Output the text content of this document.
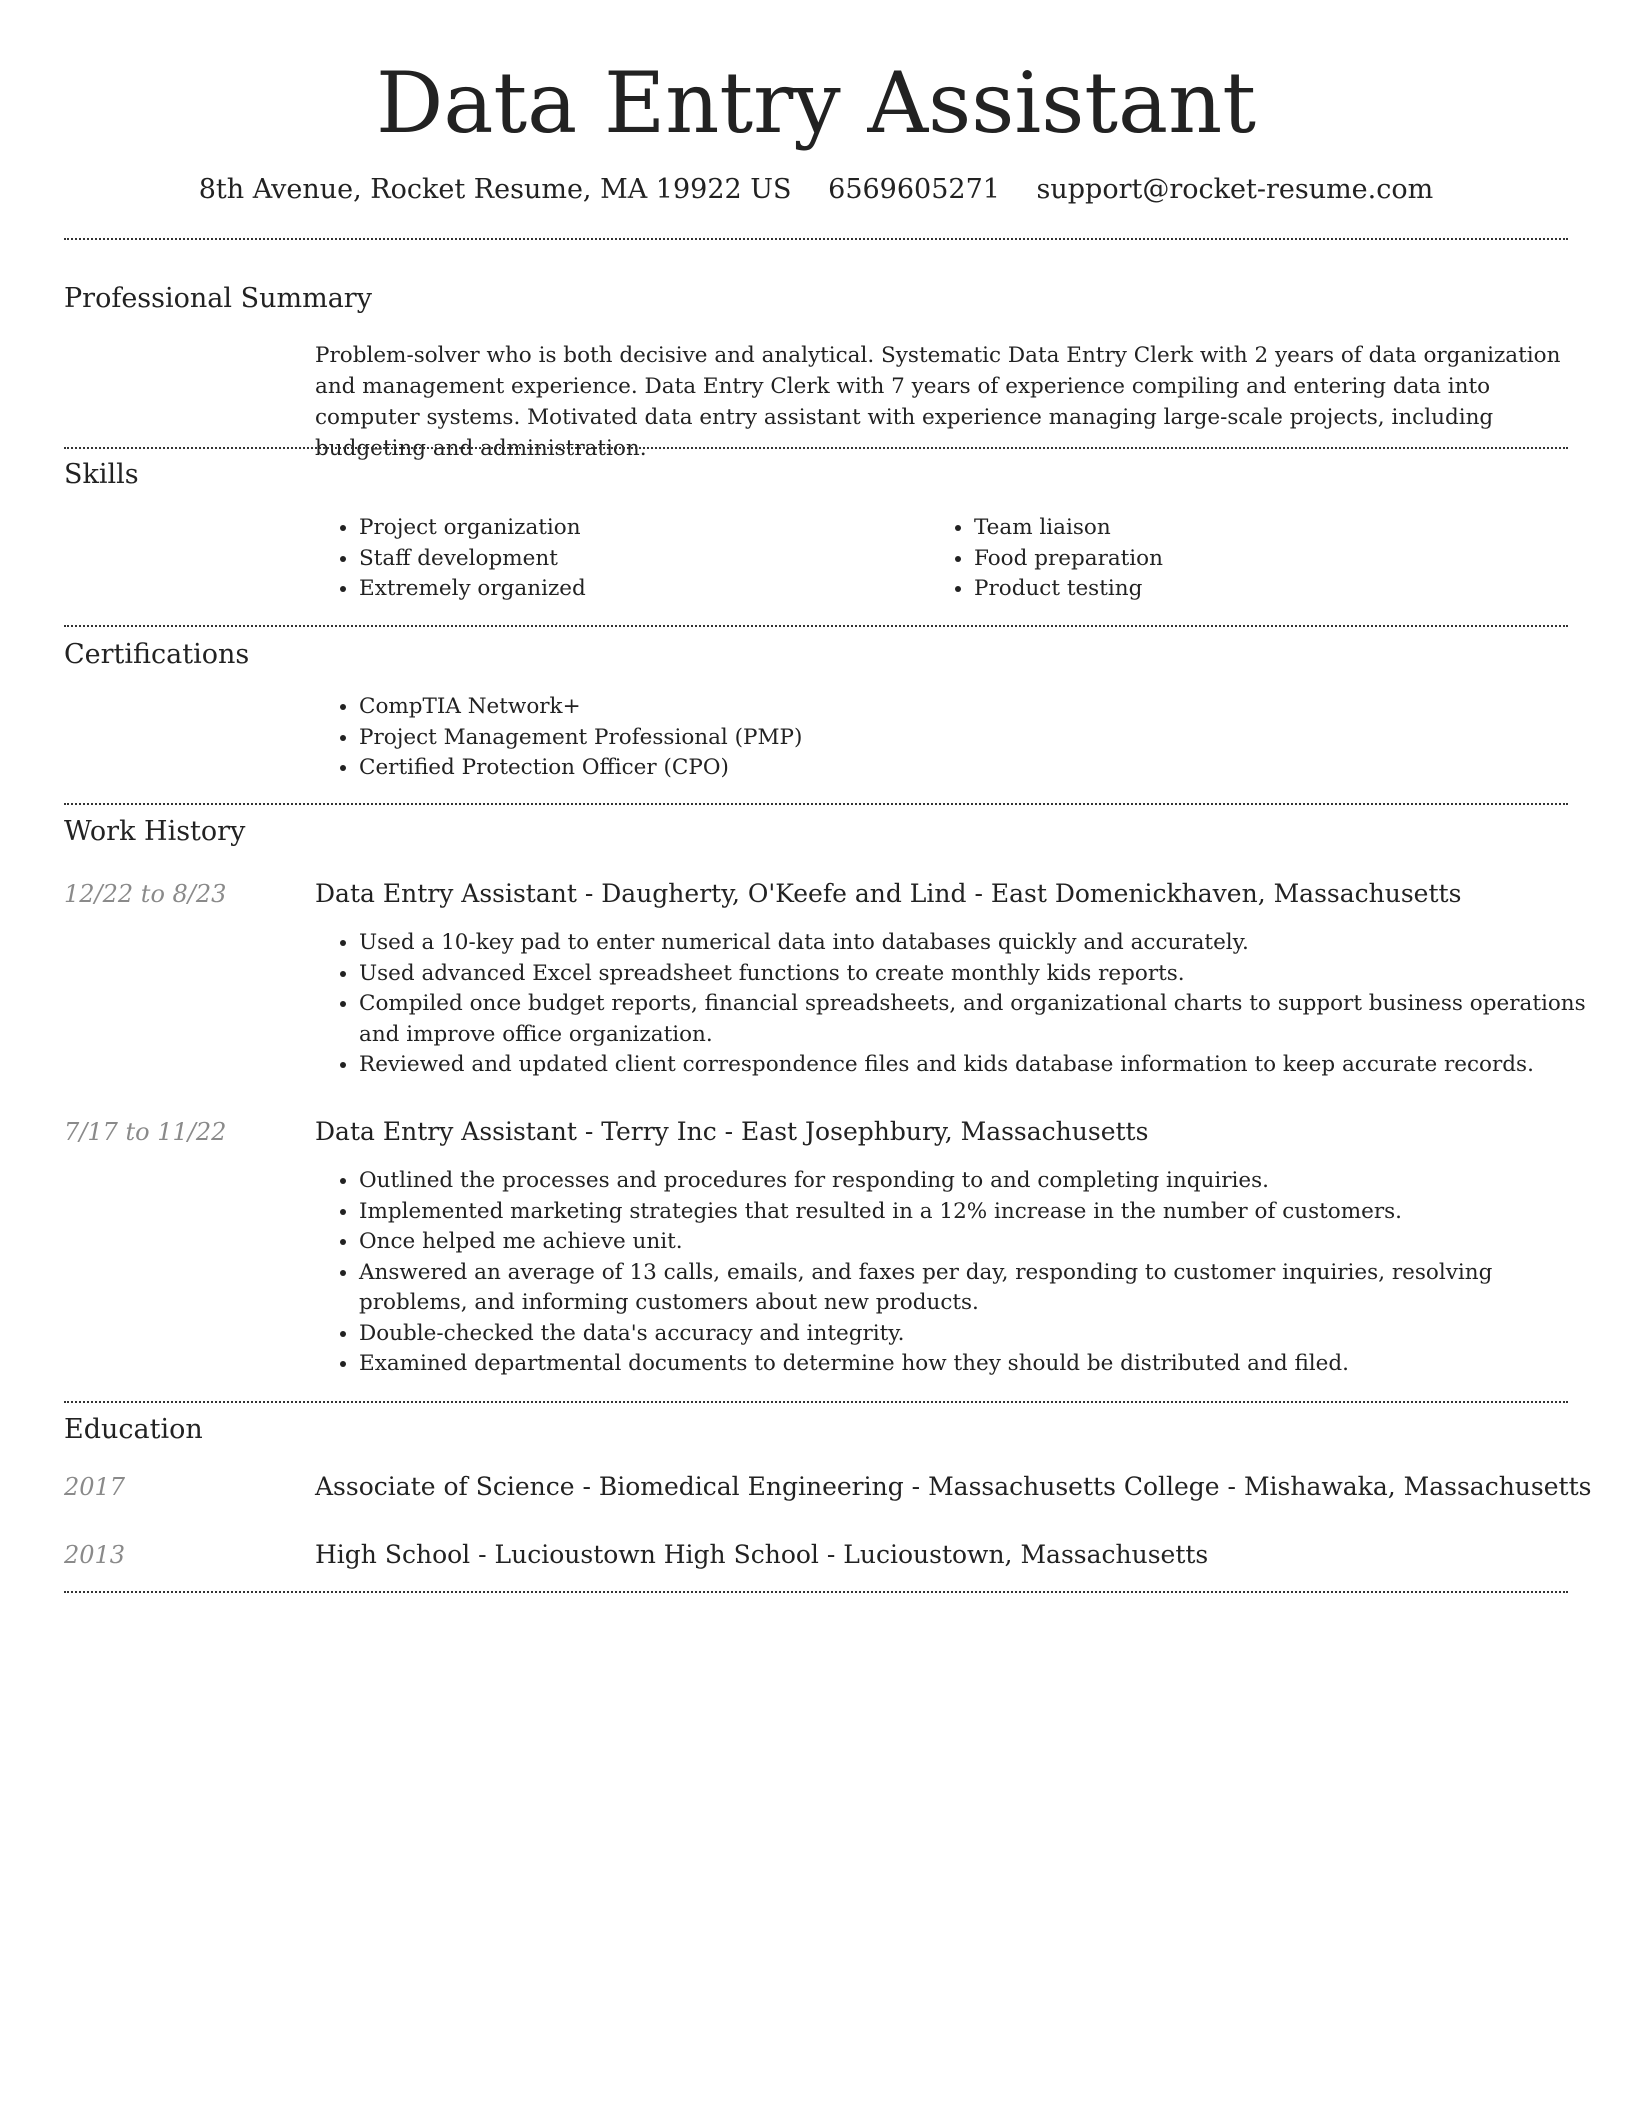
Data Entry Assistant
8th Avenue, Rocket Resume, MA 19922 US 6569605271 support@rocket-resume.com
Professional Summary

Problem-solver who is both decisive and analytical. Systematic Data Entry Clerk with 2 years of data organization and management experience. Data Entry Clerk with 7 years of experience compiling and entering data into computer systems. Motivated data entry assistant with experience managing large-scale projects, including budgeting and administration.

Skills
• Project organization
• Staff development
• Extremely organized
• Team liaison
• Food preparation
• Product testing
Certifications
• CompTIA Network+
• Project Management Professional (PMP)
• Certified Protection Officer (CPO)
Work History
12/22 to 8/23	Data Entry Assistant - Daugherty, O'Keefe and Lind - East Domenickhaven, Massachusetts
• Used a 10-key pad to enter numerical data into databases quickly and accurately.
• Used advanced Excel spreadsheet functions to create monthly kids reports.
• Compiled once budget reports, financial spreadsheets, and organizational charts to support business operations and improve office organization.
• Reviewed and updated client correspondence files and kids database information to keep accurate records.
7/17 to 11/22	Data Entry Assistant - Terry Inc - East Josephbury, Massachusetts
• Outlined the processes and procedures for responding to and completing inquiries.
• Implemented marketing strategies that resulted in a 12% increase in the number of customers.
• Once helped me achieve unit.
• Answered an average of 13 calls, emails, and faxes per day, responding to customer inquiries, resolving problems, and informing customers about new products.
• Double-checked the data's accuracy and integrity.
• Examined departmental documents to determine how they should be distributed and filed.
Education
2017	Associate of Science - Biomedical Engineering - Massachusetts College - Mishawaka, Massachusetts
2013	High School - Lucioustown High School - Lucioustown, Massachusetts
